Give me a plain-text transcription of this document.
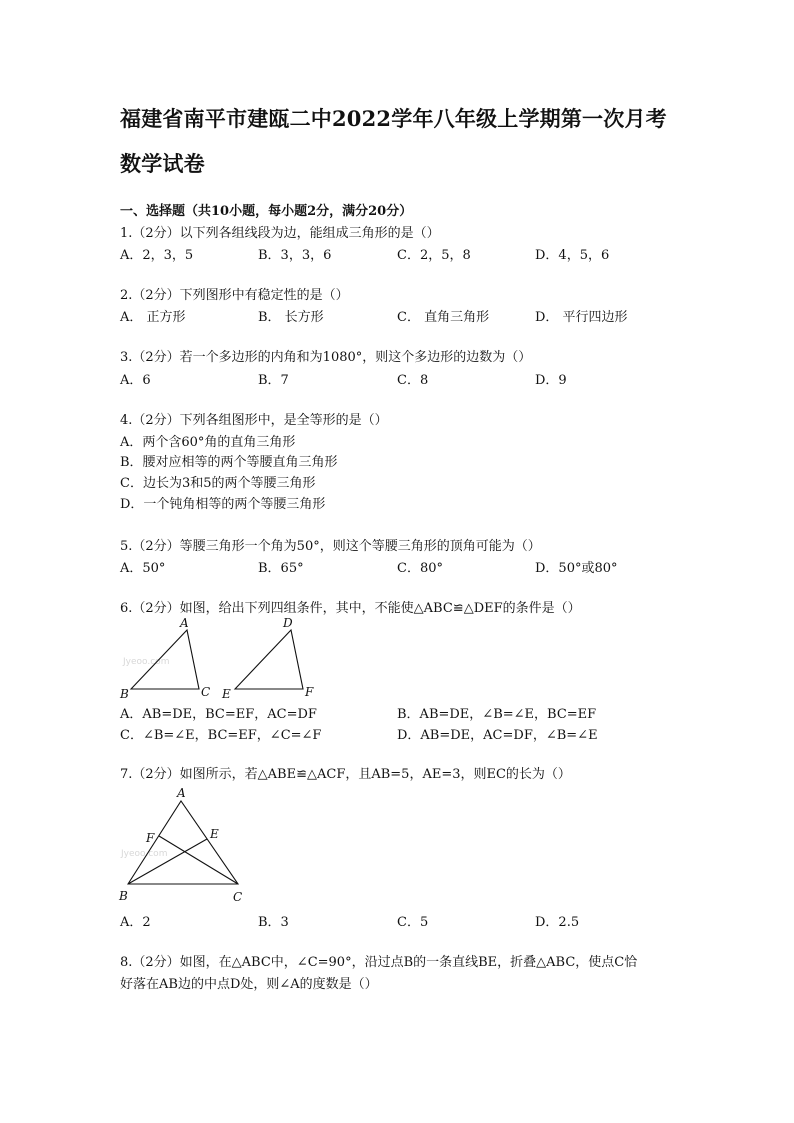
福建省南平市建瓯二中2022学年八年级上学期第一次月考数学试卷
一、选择题（共10小题，每小题2分，满分20分）
1.（2分）以下列各组线段为边，能组成三角形的是（）
A．2，3，5	B．3，3，6	C．2，5，8	D．4，5，6
2.（2分）下列图形中有稳定性的是（）
A． 正方形	B． 长方形	C． 直角三角形	D． 平行四边形
3.（2分）若一个多边形的内角和为1080°，则这个多边形的边数为（）
A．6	B．7	C．8	D．9
4.（2分）下列各组图形中，是全等形的是（）
A．两个含60°角的直角三角形
B．腰对应相等的两个等腰直角三角形
C．边长为3和5的两个等腰三角形
D．一个钝角相等的两个等腰三角形
5.（2分）等腰三角形一个角为50°，则这个等腰三角形的顶角可能为（）
A．50°	B．65°	C．80°	D．50°或80°
6.（2分）如图，给出下列四组条件，其中，不能使△ABC≌△DEF的条件是（）
Jyeoo.com
A
B	C
D
E	F
A．AB=DE，BC=EF，AC=DF	B．AB=DE，∠B=∠E，BC=EF
C．∠B=∠E，BC=EF，∠C=∠F	D．AB=DE，AC=DF，∠B=∠E
7.（2分）如图所示，若△ABE≌△ACF，且AB=5，AE=3，则EC的长为（）
Jyeoo.com
A
F	E
B	C
A．2	B．3	C．5	D．2.5
8.（2分）如图，在△ABC中，∠C=90°，沿过点B的一条直线BE，折叠△ABC，使点C恰
好落在AB边的中点D处，则∠A的度数是（）
